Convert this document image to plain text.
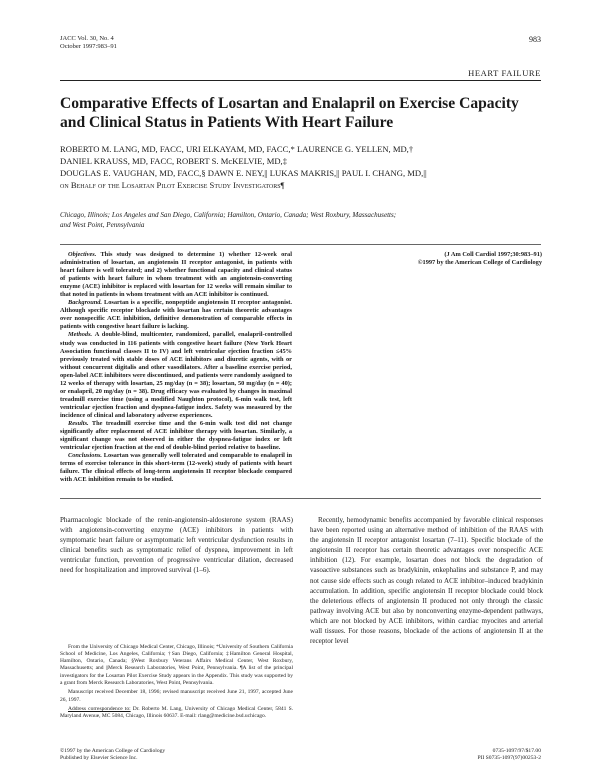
JACC Vol. 30, No. 4
October 1997:983–91
983
HEART FAILURE
Comparative Effects of Losartan and Enalapril on Exercise Capacity and Clinical Status in Patients With Heart Failure
ROBERTO M. LANG, MD, FACC, URI ELKAYAM, MD, FACC,* LAURENCE G. YELLEN, MD,†
DANIEL KRAUSS, MD, FACC, ROBERT S. McKELVIE, MD,‡
DOUGLAS E. VAUGHAN, MD, FACC,§ DAWN E. NEY,|| LUKAS MAKRIS,|| PAUL I. CHANG, MD,||
on Behalf of the Losartan Pilot Exercise Study Investigators¶
Chicago, Illinois; Los Angeles and San Diego, California; Hamilton, Ontario, Canada; West Roxbury, Massachusetts;
and West Point, Pennsylvania

Objectives. This study was designed to determine 1) whether 12-week oral administration of losartan, an angiotensin II receptor antagonist, in patients with heart failure is well tolerated; and 2) whether functional capacity and clinical status of patients with heart failure in whom treatment with an angiotensin-converting enzyme (ACE) inhibitor is replaced with losartan for 12 weeks will remain similar to that noted in patients in whom treatment with an ACE inhibitor is continued.

Background. Losartan is a specific, nonpeptide angiotensin II receptor antagonist. Although specific receptor blockade with losartan has certain theoretic advantages over nonspecific ACE inhibition, definitive demonstration of comparable effects in patients with congestive heart failure is lacking.

Methods. A double-blind, multicenter, randomized, parallel, enalapril-controlled study was conducted in 116 patients with congestive heart failure (New York Heart Association functional classes II to IV) and left ventricular ejection fraction ≤45% previously treated with stable doses of ACE inhibitors and diuretic agents, with or without concurrent digitalis and other vasodilators. After a baseline exercise period, open-label ACE inhibitors were discontinued, and patients were randomly assigned to 12 weeks of therapy with losartan, 25 mg/day (n = 38); losartan, 50 mg/day (n = 40); or enalapril, 20 mg/day (n = 38). Drug efficacy was evaluated by changes in maximal treadmill exercise time (using a modified Naughton protocol), 6-min walk test, left ventricular ejection fraction and dyspnea-fatigue index. Safety was measured by the incidence of clinical and laboratory adverse experiences.

Results. The treadmill exercise time and the 6-min walk test did not change significantly after replacement of ACE inhibitor therapy with losartan. Similarly, a significant change was not observed in either the dyspnea-fatigue index or left ventricular ejection fraction at the end of double-blind period relative to baseline.

Conclusions. Losartan was generally well tolerated and comparable to enalapril in terms of exercise tolerance in this short-term (12-week) study of patients with heart failure. The clinical effects of long-term angiotensin II receptor blockade compared with ACE inhibition remain to be studied.

(J Am Coll Cardiol 1997;30:983–91)

©1997 by the American College of Cardiology

Pharmacologic blockade of the renin-angiotensin-aldosterone system (RAAS) with angiotensin-converting enzyme (ACE) inhibitors in patients with symptomatic heart failure or asymptomatic left ventricular dysfunction results in clinical benefits such as symptomatic relief of dyspnea, improvement in left ventricular function, prevention of progressive ventricular dilation, decreased need for hospitalization and improved survival (1–6).

From the University of Chicago Medical Center, Chicago, Illinois; *University of Southern California School of Medicine, Los Angeles, California; †San Diego, California; ‡Hamilton General Hospital, Hamilton, Ontario, Canada; §West Roxbury Veterans Affairs Medical Center, West Roxbury, Massachusetts; and ||Merck Research Laboratories, West Point, Pennsylvania. ¶A list of the principal investigators for the Losartan Pilot Exercise Study appears in the Appendix. This study was supported by a grant from Merck Research Laboratories, West Point, Pennsylvania.

Manuscript received December 18, 1996; revised manuscript received June 21, 1997, accepted June 26, 1997.

Address correspondence to: Dr. Roberto M. Lang, University of Chicago Medical Center, 5841 S. Maryland Avenue, MC 5084, Chicago, Illinois 60637. E-mail: rlang@medicine.bsd.uchicago.

Recently, hemodynamic benefits accompanied by favorable clinical responses have been reported using an alternative method of inhibition of the RAAS with the angiotensin II receptor antagonist losartan (7–11). Specific blockade of the angiotensin II receptor has certain theoretic advantages over nonspecific ACE inhibition (12). For example, losartan does not block the degradation of vasoactive substances such as bradykinin, enkephalins and substance P, and may not cause side effects such as cough related to ACE inhibitor–induced bradykinin accumulation. In addition, specific angiotensin II receptor blockade could block the deleterious effects of angiotensin II produced not only through the classic pathway involving ACE but also by nonconverting enzyme-dependent pathways, which are not blocked by ACE inhibitors, within cardiac myocites and arterial wall tissues. For those reasons, blockade of the actions of angiotensin II at the receptor level

©1997 by the American College of Cardiology
Published by Elsevier Science Inc.
0735-1097/97/$17.00
PII S0735-1097(97)00253-2
